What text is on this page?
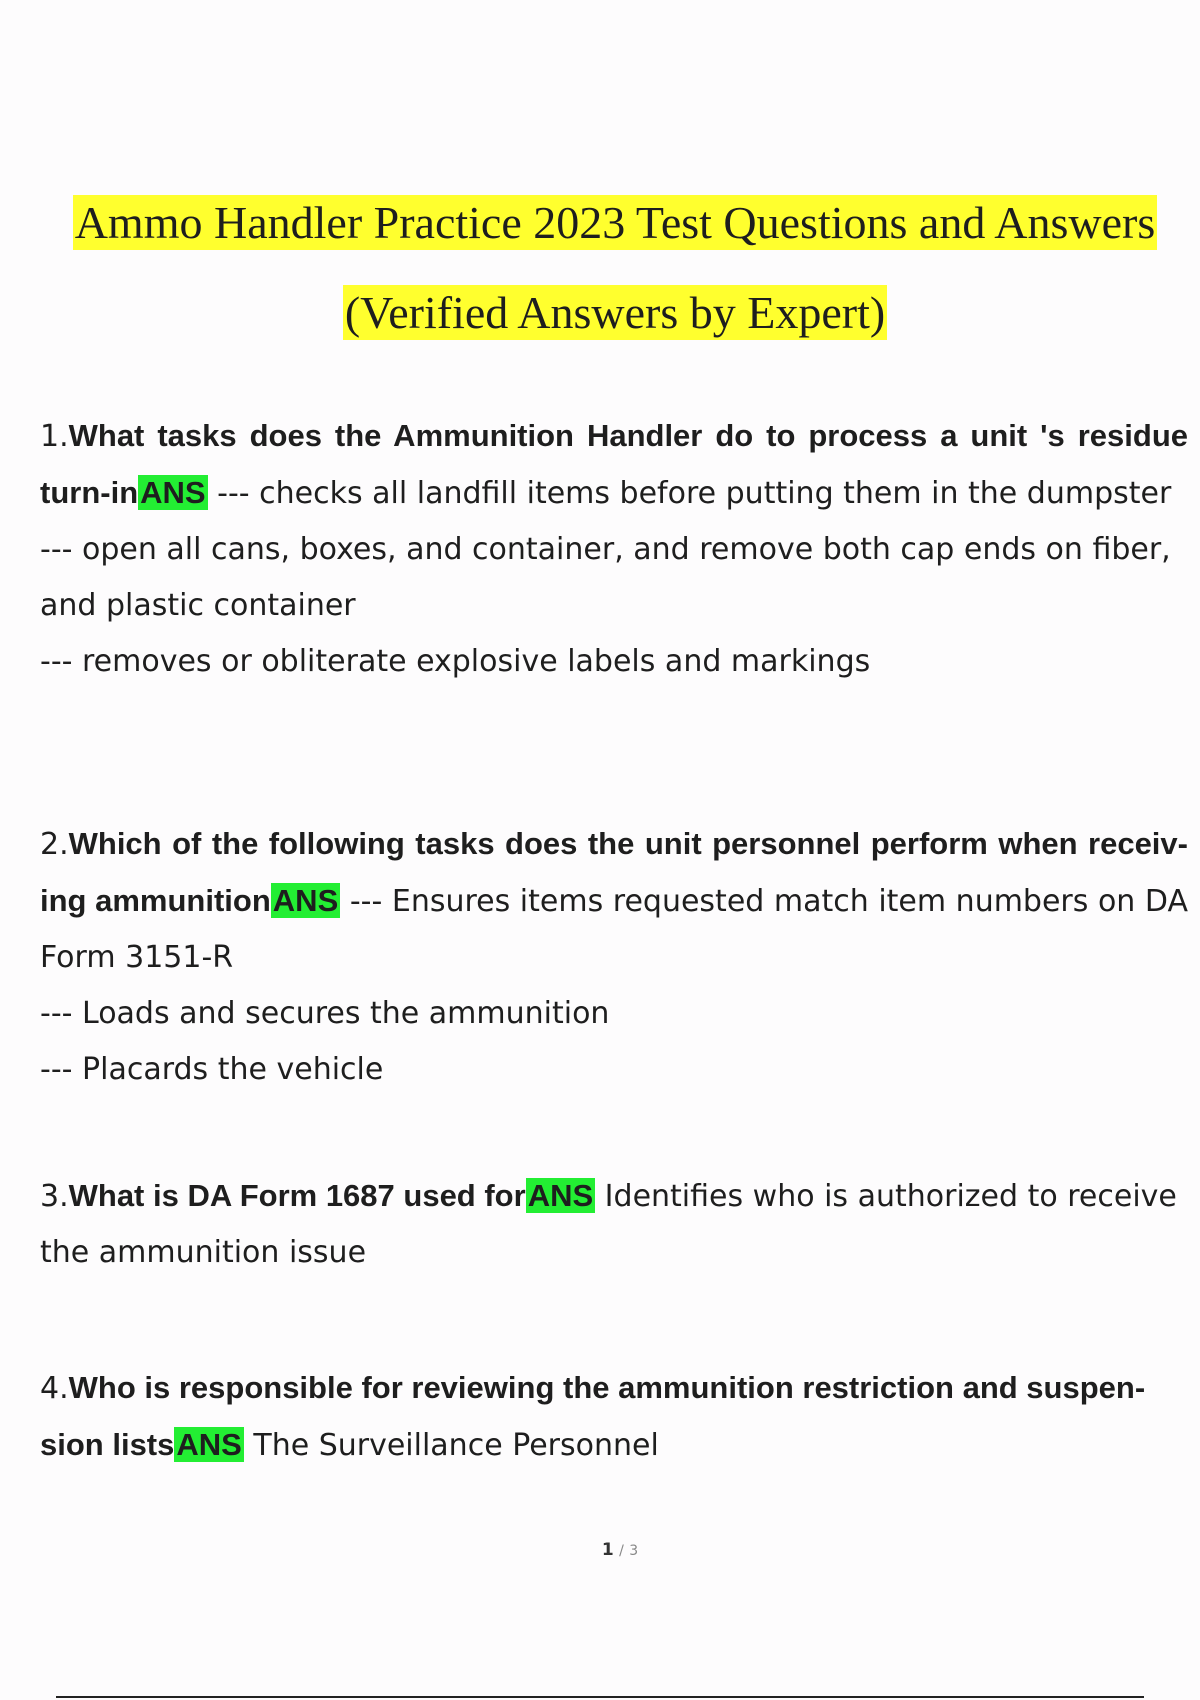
Ammo Handler Practice 2023 Test Questions and Answers
(Verified Answers by Expert)

1.What tasks does the Ammunition Handler do to process a unit 's residue turn-inANS --- checks all landfill items before putting them in the dumpster

--- open all cans, boxes, and container, and remove both cap ends on fiber, and plastic container

--- removes or obliterate explosive labels and markings

2.Which of the following tasks does the unit personnel perform when receiv- ing ammunitionANS --- Ensures items requested match item numbers on DA Form 3151-R

--- Loads and secures the ammunition

--- Placards the vehicle

3.What is DA Form 1687 used forANS Identifies who is authorized to receive the ammunition issue

4.Who is responsible for reviewing the ammunition restriction and suspen- sion listsANS The Surveillance Personnel

1 / 3
